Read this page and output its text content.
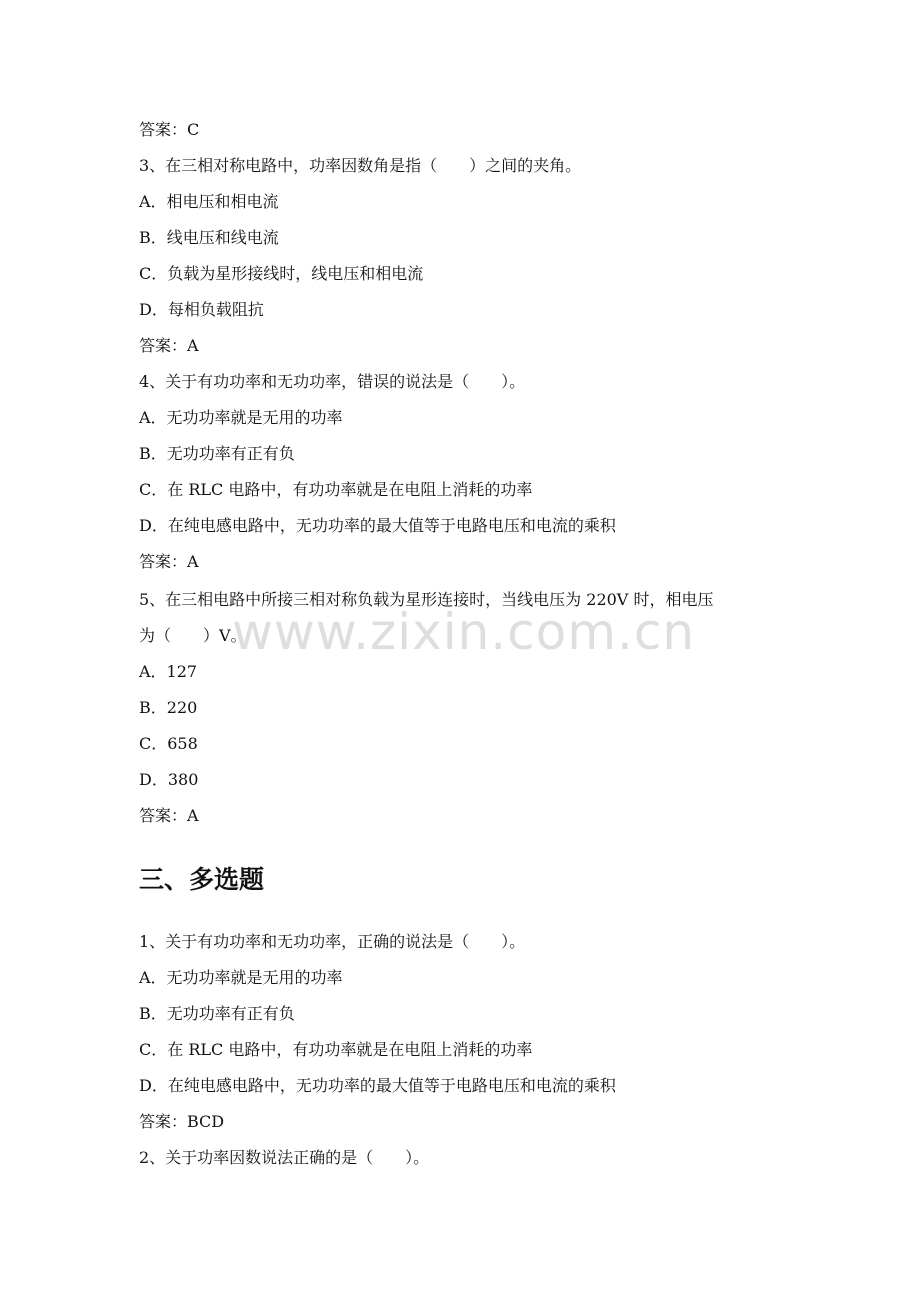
www.zixin.com.cn
答案：C
3、在三相对称电路中，功率因数角是指（　　）之间的夹角。
A．相电压和相电流
B．线电压和线电流
C．负载为星形接线时，线电压和相电流
D．每相负载阻抗
答案：A
4、关于有功功率和无功功率，错误的说法是（　　）。
A．无功功率就是无用的功率
B．无功功率有正有负
C．在 RLC 电路中，有功功率就是在电阻上消耗的功率
D．在纯电感电路中，无功功率的最大值等于电路电压和电流的乘积
答案：A
5、在三相电路中所接三相对称负载为星形连接时，当线电压为 220V 时，相电压
为（　　）V。
A．127
B．220
C．658
D．380
答案：A
三、多选题
1、关于有功功率和无功功率，正确的说法是（　　）。
A．无功功率就是无用的功率
B．无功功率有正有负
C．在 RLC 电路中，有功功率就是在电阻上消耗的功率
D．在纯电感电路中，无功功率的最大值等于电路电压和电流的乘积
答案：BCD
2、关于功率因数说法正确的是（　　）。
